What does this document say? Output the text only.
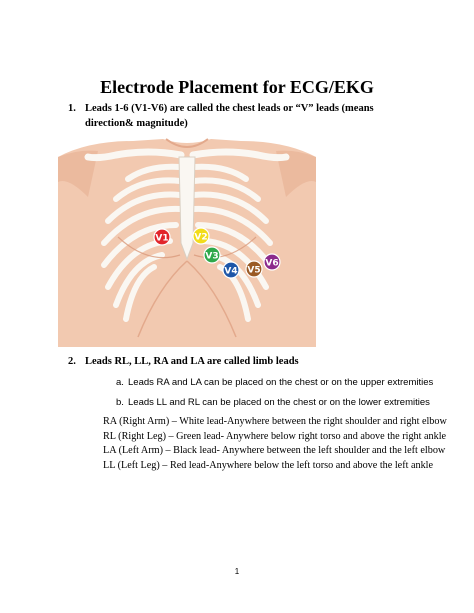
Electrode Placement for ECG/EKG
1. Leads 1-6 (V1-V6) are called the chest leads or “V” leads (means direction& magnitude)
V1	V2
V3
V4 V5
V6
2. Leads RL, LL, RA and LA are called limb leads
a. Leads RA and LA can be placed on the chest or on the upper extremities
b. Leads LL and RL can be placed on the chest or on the lower extremities
RA (Right Arm) – White lead-Anywhere between the right shoulder and right elbow
RL (Right Leg) – Green lead- Anywhere below right torso and above the right ankle
LA (Left Arm) – Black lead- Anywhere between the left shoulder and the left elbow
LL (Left Leg) – Red lead-Anywhere below the left torso and above the left ankle
1
